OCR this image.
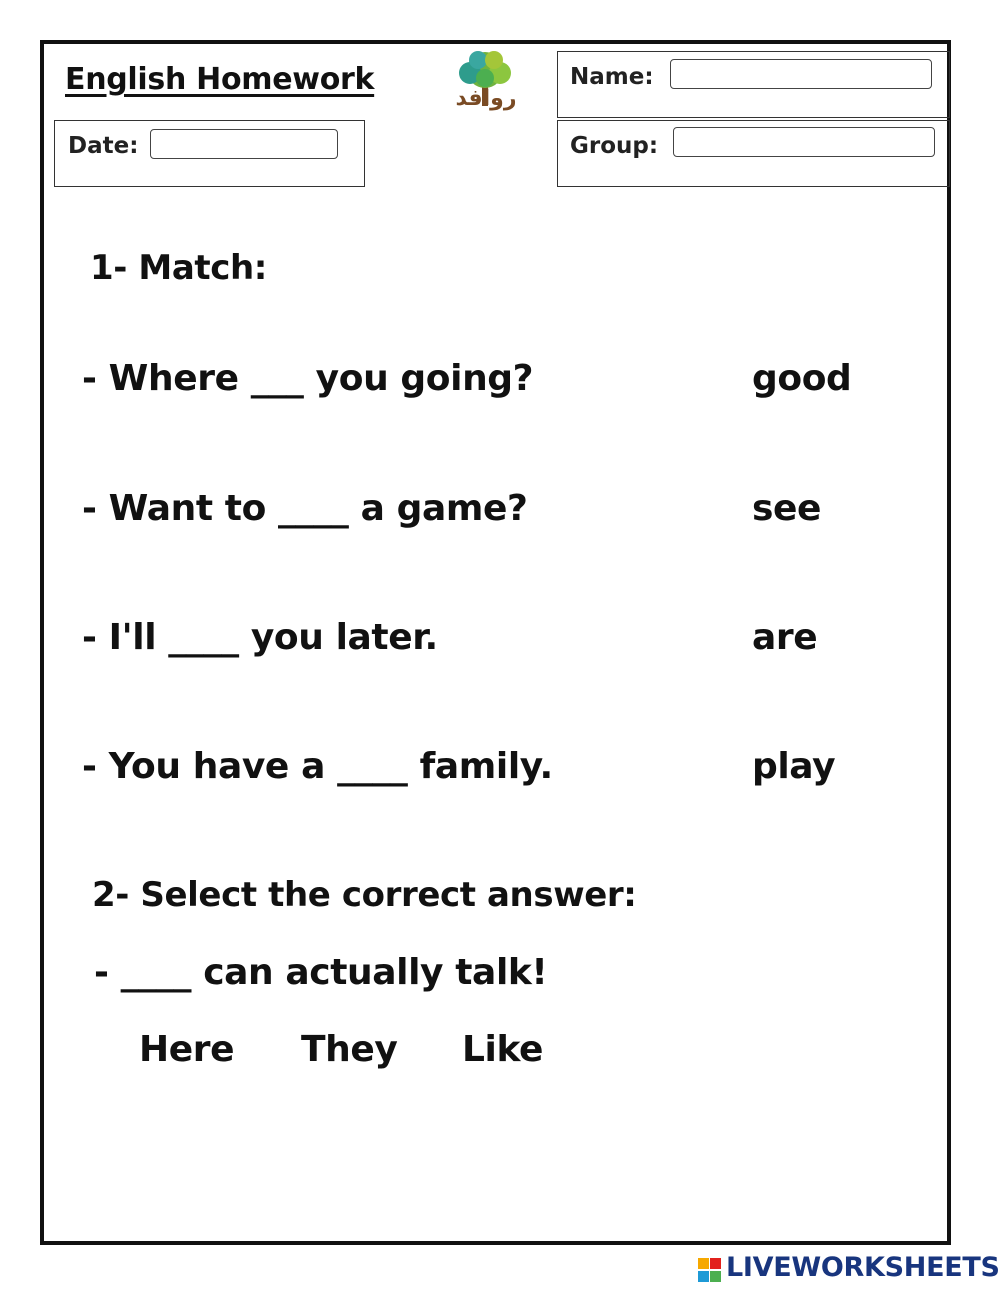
English Homework
Date:
روافد
Name:
Group:
1- Match:
- Where ___ you going?	good
- Want to ____ a game?	see
- I'll ____ you later.	are
- You have a ____ family.	play
2- Select the correct answer:
- ____ can actually talk!
Here They Like
LIVEWORKSHEETS
